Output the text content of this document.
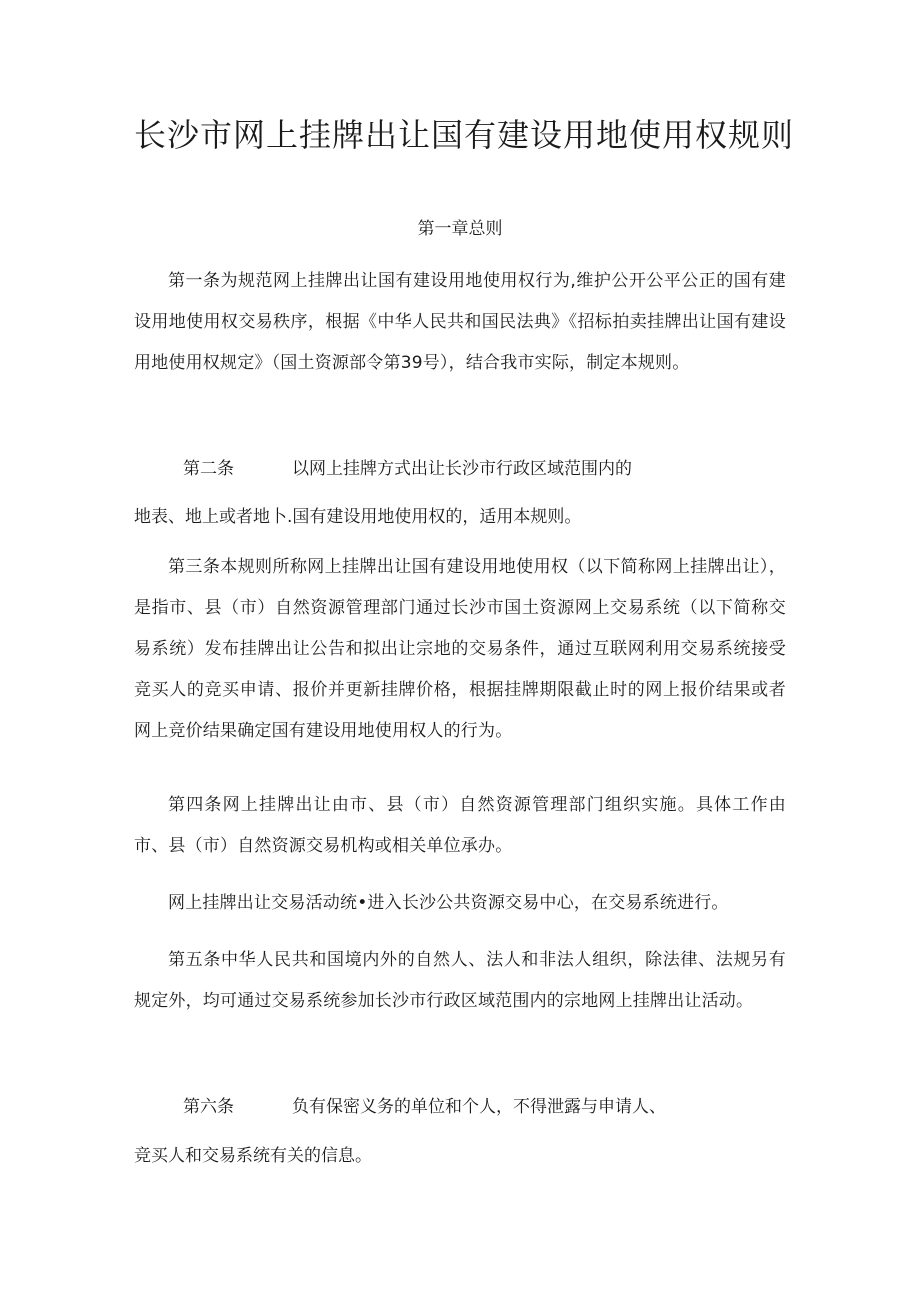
长沙市网上挂牌出让国有建设用地使用权规则
第一章总则

第一条为规范网上挂牌出让国有建设用地使用权行为,维护公开公平公正的国有建设用地使用权交易秩序，根据《中华人民共和国民法典》《招标拍卖挂牌出让国有建设用地使用权规定》（国土资源部令第39号），结合我市实际，制定本规则。

第二条	以网上挂牌方式出让长沙市行政区域范围内的
地表、地上或者地卜.国有建设用地使用权的，适用本规则。

第三条本规则所称网上挂牌出让国有建设用地使用权（以下简称网上挂牌出让），是指市、县（市）自然资源管理部门通过长沙市国土资源网上交易系统（以下简称交易系统）发布挂牌出让公告和拟出让宗地的交易条件，通过互联网利用交易系统接受竞买人的竞买申请、报价并更新挂牌价格，根据挂牌期限截止时的网上报价结果或者网上竞价结果确定国有建设用地使用权人的行为。

第四条网上挂牌出让由市、县（市）自然资源管理部门组织实施。具体工作由市、县（市）自然资源交易机构或相关单位承办。

网上挂牌出让交易活动统•进入长沙公共资源交易中心，在交易系统进行。

第五条中华人民共和国境内外的自然人、法人和非法人组织，除法律、法规另有规定外，均可通过交易系统参加长沙市行政区域范围内的宗地网上挂牌出让活动。

第六条	负有保密义务的单位和个人，不得泄露与申请人、
竞买人和交易系统有关的信息。
